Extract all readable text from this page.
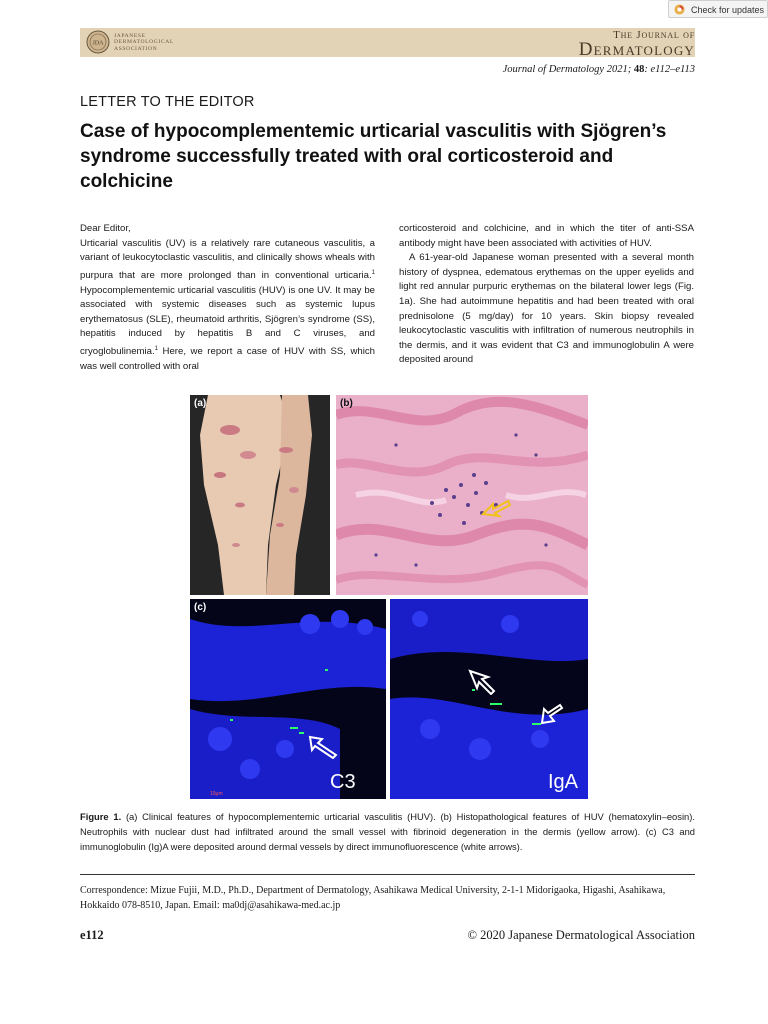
JDA
JAPANESE
DERMATOLOGICAL
ASSOCIATION
The Journal of
Dermatology
Check for updates
Journal of Dermatology 2021; 48: e112–e113
LETTER TO THE EDITOR
Case of hypocomplementemic urticarial vasculitis with Sjögren’s syndrome successfully treated with oral corticosteroid and colchicine

Dear Editor,

Urticarial vasculitis (UV) is a relatively rare cutaneous vasculitis, a variant of leukocytoclastic vasculitis, and clinically shows wheals with purpura that are more prolonged than in conventional urticaria.$^1$ Hypocomplementemic urticarial vasculitis (HUV) is one UV. It may be associated with systemic diseases such as systemic lupus erythematosus (SLE), rheumatoid arthritis, Sjögren’s syndrome (SS), hepatitis induced by hepatitis B and C viruses, and cryoglobulinemia.$^1$ Here, we report a case of HUV with SS, which was well controlled with oral

corticosteroid and colchicine, and in which the titer of anti-SSA antibody might have been associated with activities of HUV.

A 61-year-old Japanese woman presented with a several month history of dyspnea, edematous erythemas on the upper eyelids and light red annular purpuric erythemas on the bilateral lower legs (Fig. 1a). She had autoimmune hepatitis and had been treated with oral prednisolone (5 mg/day) for 10 years. Skin biopsy revealed leukocytoclastic vasculitis with infiltration of numerous neutrophils in the dermis, and it was evident that C3 and immunoglobulin A were deposited around

(a)	(b)
(c)
C3
10μm
IgA
Figure 1. (a) Clinical features of hypocomplementemic urticarial vasculitis (HUV). (b) Histopathological features of HUV (hematoxylin–eosin). Neutrophils with nuclear dust had infiltrated around the small vessel with fibrinoid degeneration in the dermis (yellow arrow). (c) C3 and immunoglobulin (Ig)A were deposited around dermal vessels by direct immunofluorescence (white arrows).
Correspondence: Mizue Fujii, M.D., Ph.D., Department of Dermatology, Asahikawa Medical University, 2-1-1 Midorigaoka, Higashi, Asahikawa, Hokkaido 078-8510, Japan. Email: ma0dj@asahikawa-med.ac.jp
e112	© 2020 Japanese Dermatological Association
